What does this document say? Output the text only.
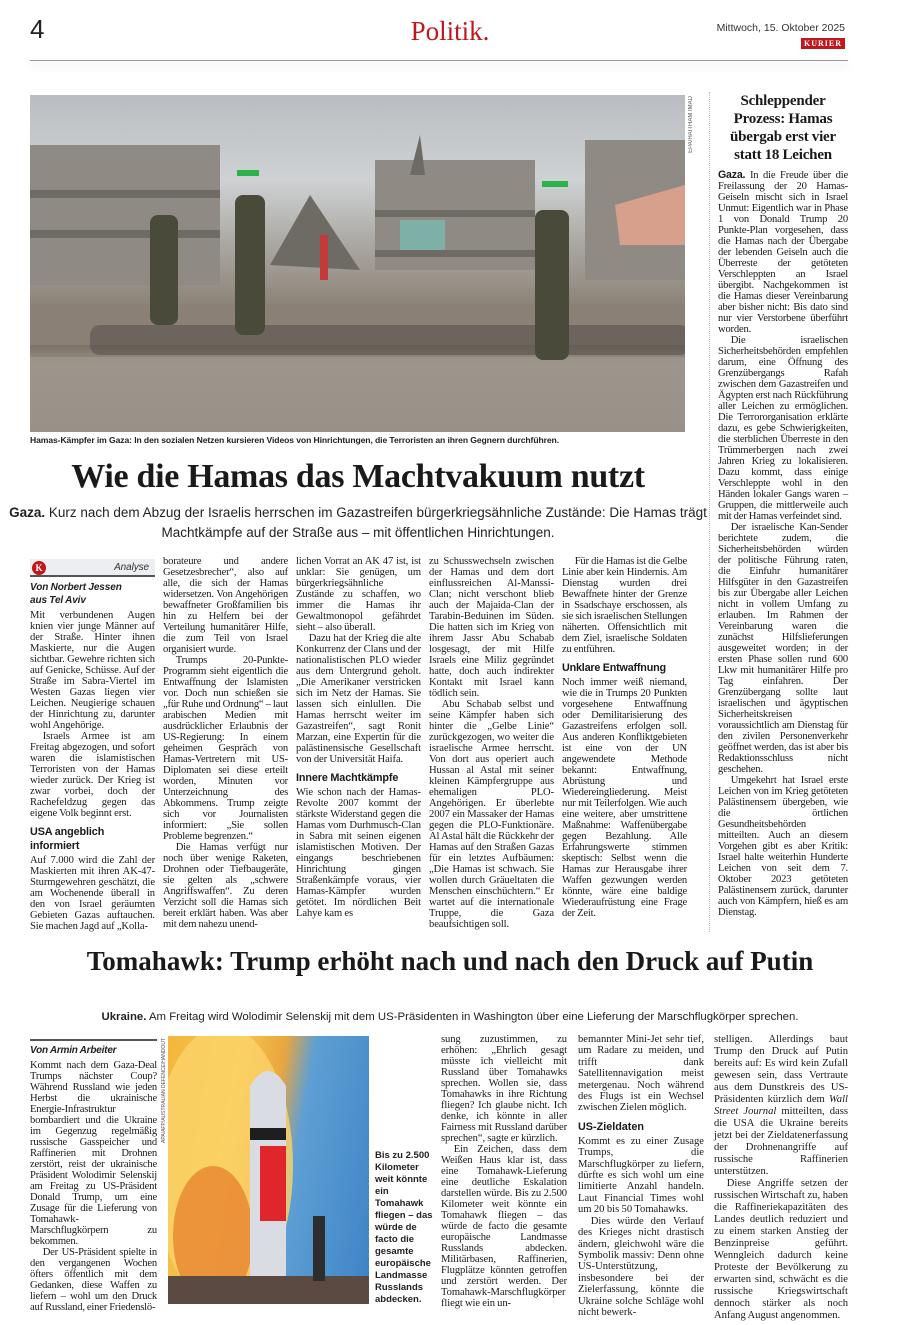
4	Politik.	Mittwoch, 15. Oktober 2025
KURIER
EPA/HAITHAM IMAD
Hamas-Kämpfer im Gaza: In den sozialen Netzen kursieren Videos von Hinrichtungen, die Terroristen an ihren Gegnern durchführen.
Wie die Hamas das Machtvakuum nutzt
Gaza. Kurz nach dem Abzug der Israelis herrschen im Gazastreifen bürgerkriegsähnliche Zustände: Die Hamas trägt Machtkämpfe auf der Straße aus – mit öffentlichen Hinrichtungen.
K	Analyse
Von Norbert Jessen
aus Tel Aviv

Mit verbundenen Augen knien vier junge Männer auf der Straße. Hinter ihnen Maskierte, nur die Augen sichtbar. Gewehre richten sich auf Genicke, Schüsse. Auf der Straße im Sabra-Viertel im Westen Gazas liegen vier Leichen. Neugierige schauen der Hinrichtung zu, darunter wohl Angehörige.

Israels Armee ist am Freitag abgezogen, und sofort waren die islamistischen Terroristen von der Hamas wieder zurück. Der Krieg ist zwar vorbei, doch der Rachefeldzug gegen das eigene Volk beginnt erst.

USA angeblich informiert

Auf 7.000 wird die Zahl der Maskierten mit ihren AK-47-Sturmgewehren geschätzt, die am Wochenende überall in den von Israel geräumten Gebieten Gazas auftauchen. Sie machen Jagd auf „Kolla-

borateure und andere Gesetzesbrecher“, also auf alle, die sich der Hamas widersetzen. Von Angehörigen bewaffneter Großfamilien bis hin zu Helfern bei der Verteilung humanitärer Hilfe, die zum Teil von Israel organisiert wurde.

Trumps 20-Punkte-Programm sieht eigentlich die Entwaffnung der Islamisten vor. Doch nun schießen sie „für Ruhe und Ordnung“ – laut arabischen Medien mit ausdrücklicher Erlaubnis der US-Regierung: In einem geheimen Gespräch von Hamas-Vertretern mit US-Diplomaten sei diese erteilt worden, Minuten vor Unterzeichnung des Abkommens. Trump zeigte sich vor Journalisten informiert: „Sie sollen Probleme begrenzen.“

Die Hamas verfügt nur noch über wenige Raketen, Drohnen oder Tiefbaugeräte, sie gelten als „schwere Angriffswaffen“. Zu deren Verzicht soll die Hamas sich bereit erklärt haben. Was aber mit dem nahezu unend-

lichen Vorrat an AK 47 ist, ist unklar: Sie genügen, um bürgerkriegsähnliche Zustände zu schaffen, wo immer die Hamas ihr Gewaltmonopol gefährdet sieht – also überall.

Dazu hat der Krieg die alte Konkurrenz der Clans und der nationalistischen PLO wieder aus dem Untergrund geholt. „Die Amerikaner verstricken sich im Netz der Hamas. Sie lassen sich einlullen. Die Hamas herrscht weiter im Gazastreifen“, sagt Ronit Marzan, eine Expertin für die palästinensische Gesellschaft von der Universität Haifa.

Innere Machtkämpfe

Wie schon nach der Hamas-Revolte 2007 kommt der stärkste Widerstand gegen die Hamas vom Durhmusch-Clan in Sabra mit seinen eigenen islamistischen Motiven. Der eingangs beschriebenen Hinrichtung gingen Straßenkämpfe voraus, vier Hamas-Kämpfer wurden getötet. Im nördlichen Beit Lahye kam es

zu Schusswechseln zwischen der Hamas und dem dort einflussreichen Al-Manssi-Clan; nicht verschont blieb auch der Majaida-Clan der Tarabin-Beduinen im Süden. Die hatten sich im Krieg von ihrem Jassr Abu Schabab losgesagt, der mit Hilfe Israels eine Miliz gegründet hatte, doch auch indirekter Kontakt mit Israel kann tödlich sein.

Abu Schabab selbst und seine Kämpfer haben sich hinter die „Gelbe Linie“ zurückgezogen, wo weiter die israelische Armee herrscht. Von dort aus operiert auch Hussan al Astal mit seiner kleinen Kämpfergruppe aus ehemaligen PLO-Angehörigen. Er überlebte 2007 ein Massaker der Hamas gegen die PLO-Funktionäre. Al Astal hält die Rückkehr der Hamas auf den Straßen Gazas für ein letztes Aufbäumen: „Die Hamas ist schwach. Sie wollen durch Gräueltaten die Menschen einschüchtern.“ Er wartet auf die internationale Truppe, die Gaza beaufsichtigen soll.

Für die Hamas ist die Gelbe Linie aber kein Hindernis. Am Dienstag wurden drei Bewaffnete hinter der Grenze in Ssadschaye erschossen, als sie sich israelischen Stellungen näherten. Offensichtlich mit dem Ziel, israelische Soldaten zu entführen.

Unklare Entwaffnung

Noch immer weiß niemand, wie die in Trumps 20 Punkten vorgesehene Entwaffnung oder Demilitarisierung des Gazastreifens erfolgen soll. Aus anderen Konfliktgebieten ist eine von der UN angewendete Methode bekannt: Entwaffnung, Abrüstung und Wiedereingliederung. Meist nur mit Teilerfolgen. Wie auch eine weitere, aber umstrittene Maßnahme: Waffenübergabe gegen Bezahlung. Alle Erfahrungswerte stimmen skeptisch: Selbst wenn die Hamas zur Herausgabe ihrer Waffen gezwungen werden könnte, wäre eine baldige Wiederaufrüstung eine Frage der Zeit.

Schleppender Prozess: Hamas übergab erst vier statt 18 Leichen

Gaza. In die Freude über die Freilassung der 20 Hamas-Geiseln mischt sich in Israel Unmut: Eigentlich war in Phase 1 von Donald Trump 20 Punkte-Plan vorgesehen, dass die Hamas nach der Übergabe der lebenden Geiseln auch die Überreste der getöteten Verschleppten an Israel übergibt. Nachgekommen ist die Hamas dieser Vereinbarung aber bisher nicht: Bis dato sind nur vier Verstorbene überführt worden.

Die israelischen Sicherheitsbehörden empfehlen darum, eine Öffnung des Grenzübergangs Rafah zwischen dem Gazastreifen und Ägypten erst nach Rückführung aller Leichen zu ermöglichen. Die Terrororganisation erklärte dazu, es gebe Schwierigkeiten, die sterblichen Überreste in den Trümmerbergen nach zwei Jahren Krieg zu lokalisieren. Dazu kommt, dass einige Verschleppte wohl in den Händen lokaler Gangs waren – Gruppen, die mittlerweile auch mit der Hamas verfeindet sind.

Der israelische Kan-Sender berichtete zudem, die Sicherheitsbehörden würden der politische Führung raten, die Einfuhr humanitärer Hilfsgüter in den Gazastreifen bis zur Übergabe aller Leichen nicht in vollem Umfang zu erlauben. Im Rahmen der Vereinbarung waren die zunächst Hilfslieferungen ausgeweitet worden; in der ersten Phase sollen rund 600 Lkw mit humanitärer Hilfe pro Tag einfahren. Der Grenzübergang sollte laut israelischen und ägyptischen Sicherheitskreisen voraussichtlich am Dienstag für den zivilen Personenverkehr geöffnet werden, das ist aber bis Redaktionsschluss nicht geschehen.

Umgekehrt hat Israel erste Leichen von im Krieg getöteten Palästinensern übergeben, wie die örtlichen Gesundheitsbehörden mitteilten. Auch an diesem Vorgehen gibt es aber Kritik: Israel halte weiterhin Hunderte Leichen von seit dem 7. Oktober 2023 getöteten Palästinensern zurück, darunter auch von Kämpfern, hieß es am Dienstag.

Tomahawk: Trump erhöht nach und nach den Druck auf Putin
Ukraine. Am Freitag wird Wolodimir Selenskij mit dem US-Präsidenten in Washington über eine Lieferung der Marschflugkörper sprechen.
Von Armin Arbeiter

Kommt nach dem Gaza-Deal Trumps nächster Coup? Während Russland wie jeden Herbst die ukrainische Energie-Infrastruktur bombardiert und die Ukraine im Gegenzug regelmäßig russische Gasspeicher und Raffinerien mit Drohnen zerstört, reist der ukrainische Präsident Wolodimir Selenskij am Freitag zu US-Präsident Donald Trump, um eine Zusage für die Lieferung von Tomahawk-Marschflugkörpern zu bekommen.

Der US-Präsident spielte in den vergangenen Wochen öfters öffentlich mit dem Gedanken, diese Waffen zu liefern – wohl um den Druck auf Russland, einer Friedenslö-

APA/AFP/AUSTRALIAN DEFENCE/HANDOUT
Bis zu 2.500 Kilometer weit könnte ein Tomahawk fliegen – das würde de facto die gesamte europäische Landmasse Russlands abdecken.

sung zuzustimmen, zu erhöhen: „Ehrlich gesagt müsste ich vielleicht mit Russland über Tomahawks sprechen. Wollen sie, dass Tomahawks in ihre Richtung fliegen? Ich glaube nicht. Ich denke, ich könnte in aller Fairness mit Russland darüber sprechen“, sagte er kürzlich.

Ein Zeichen, dass dem Weißen Haus klar ist, dass eine Tomahawk-Lieferung eine deutliche Eskalation darstellen würde. Bis zu 2.500 Kilometer weit könnte ein Tomahawk fliegen – das würde de facto die gesamte europäische Landmasse Russlands abdecken. Militärbasen, Raffinerien, Flugplätze könnten getroffen und zerstört werden. Der Tomahawk-Marschflugkörper fliegt wie ein un-

bemannter Mini-Jet sehr tief, um Radare zu meiden, und trifft dank Satellitennavigation meist metergenau. Noch während des Flugs ist ein Wechsel zwischen Zielen möglich.

US-Zieldaten

Kommt es zu einer Zusage Trumps, die Marschflugkörper zu liefern, dürfte es sich wohl um eine limitierte Anzahl handeln. Laut Financial Times wohl um 20 bis 50 Tomahawks.

Dies würde den Verlauf des Krieges nicht drastisch ändern, gleichwohl wäre die Symbolik massiv: Denn ohne US-Unterstützung, insbesondere bei der Zielerfassung, könnte die Ukraine solche Schläge wohl nicht bewerk-

stelligen. Allerdings baut Trump den Druck auf Putin bereits auf: Es wird kein Zufall gewesen sein, dass Vertraute aus dem Dunstkreis des US-Präsidenten kürzlich dem Wall Street Journal mitteilten, dass die USA die Ukraine bereits jetzt bei der Zieldatenerfassung der Drohnenangriffe auf russische Raffinerien unterstützen.

Diese Angriffe setzen der russischen Wirtschaft zu, haben die Raffineriekapazitäten des Landes deutlich reduziert und zu einem starken Anstieg der Benzinpreise geführt. Wenngleich dadurch keine Proteste der Bevölkerung zu erwarten sind, schwächt es die russische Kriegswirtschaft dennoch stärker als noch Anfang August angenommen.
